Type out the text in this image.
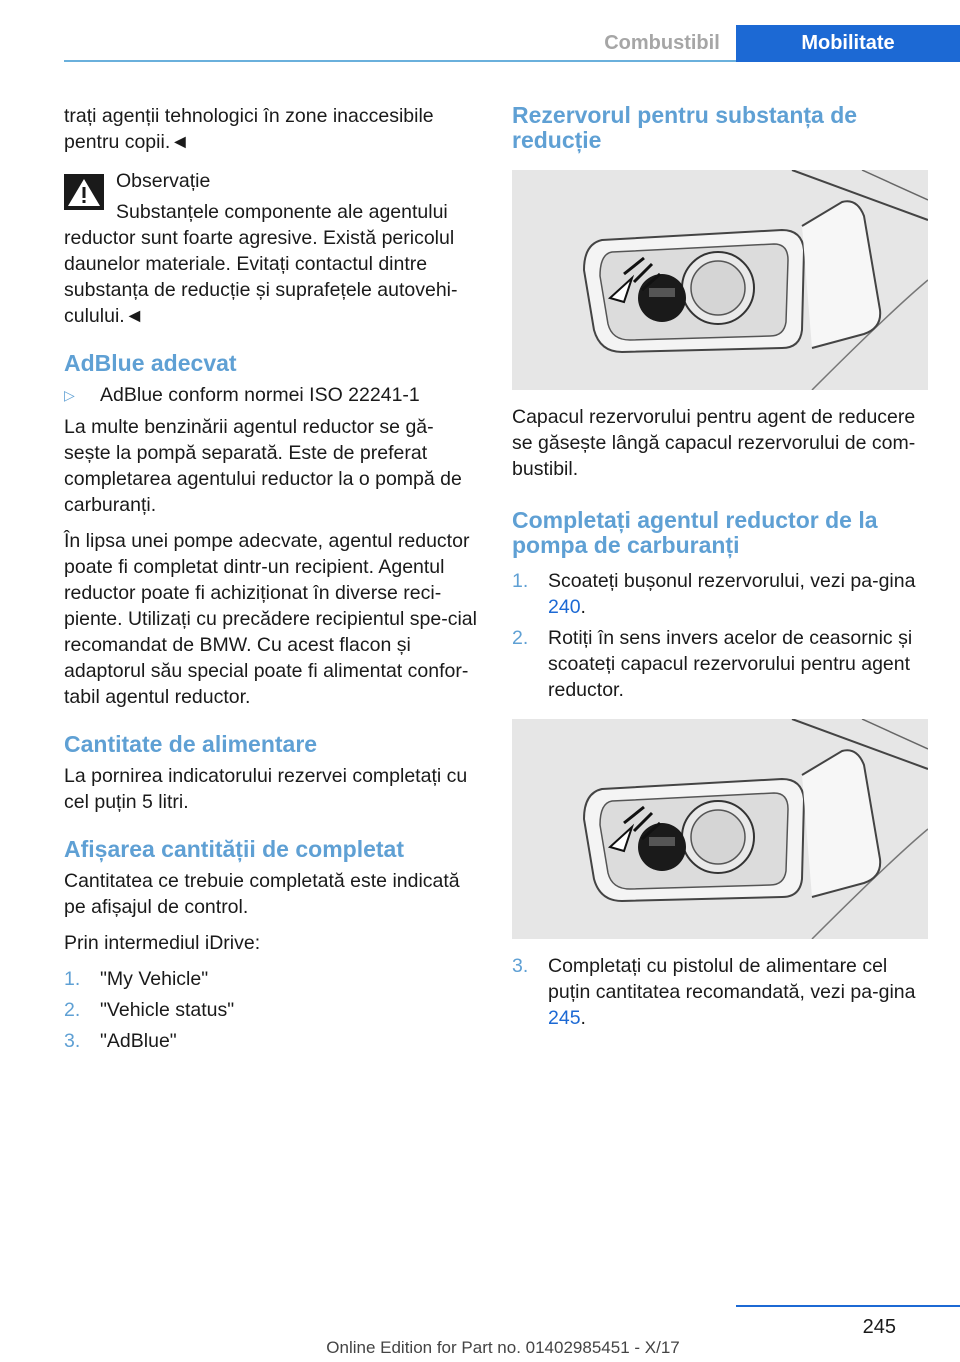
Combustibil	Mobilitate

trați agenții tehnologici în zone inaccesibile pentru copii.◄

Observație

Substanțele componente ale agentului reductor sunt foarte agresive. Există pericolul daunelor materiale. Evitați contactul dintre substanța de reducție și suprafețele autovehi‐culului.◄

AdBlue adecvat
▷	AdBlue conform normei ISO 22241-1

La multe benzinării agentul reductor se gă‐sește la pompă separată. Este de preferat completarea agentului reductor la o pompă de carburanți.

În lipsa unei pompe adecvate, agentul reductor poate fi completat dintr-un recipient. Agentul reductor poate fi achiziționat în diverse reci‐piente. Utilizați cu precădere recipientul spe‐cial recomandat de BMW. Cu acest flacon și adaptorul său special poate fi alimentat confor‐tabil agentul reductor.

Cantitate de alimentare

La pornirea indicatorului rezervei completați cu cel puțin 5 litri.

Afișarea cantității de completat

Cantitatea ce trebuie completată este indicată pe afișajul de control.

Prin intermediul iDrive:

1.	"My Vehicle"
2.	"Vehicle status"
3.	"AdBlue"
Rezervorul pentru substanța de reducție

Capacul rezervorului pentru agent de reducere se găsește lângă capacul rezervorului de com‐bustibil.

Completați agentul reductor de la pompa de carburanți
1.	Scoateți bușonul rezervorului, vezi pa‐gina 240.
2.	Rotiți în sens invers acelor de ceasornic și scoateți capacul rezervorului pentru agent reductor.
3.	Completați cu pistolul de alimentare cel puțin cantitatea recomandată, vezi pa‐gina 245.
245
Online Edition for Part no. 01402985451 - X/17
